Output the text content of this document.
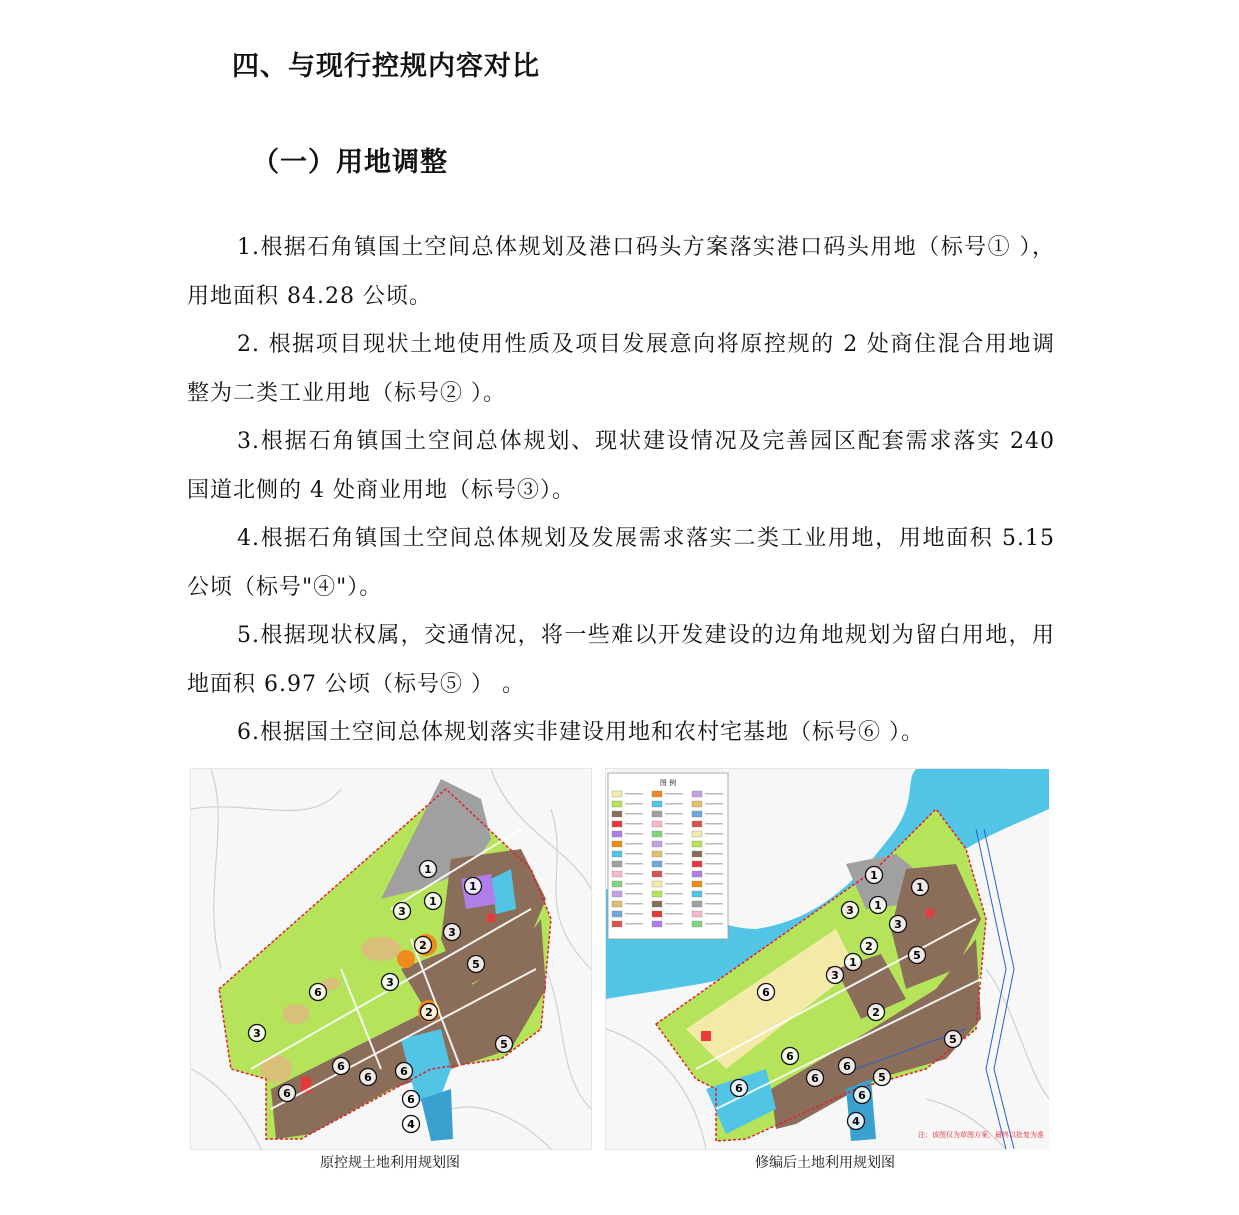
四、与现行控规内容对比
（一）用地调整

1.根据石角镇国土空间总体规划及港口码头方案落实港口码头用地（标号① ），用地面积 84.28 公顷。

2. 根据项目现状土地使用性质及项目发展意向将原控规的 2 处商住混合用地调整为二类工业用地（标号② ）。

3.根据石角镇国土空间总体规划、现状建设情况及完善园区配套需求落实 240 国道北侧的 4 处商业用地（标号③）。

4.根据石角镇国土空间总体规划及发展需求落实二类工业用地，用地面积 5.15 公顷（标号"④"）。

5.根据现状权属，交通情况，将一些难以开发建设的边角地规划为留白用地，用地面积 6.97 公顷（标号⑤ ） 。

6.根据国土空间总体规划落实非建设用地和农村宅基地（标号⑥ ）。

1
1
1
2
2
3
3
3
3
4
5
5
6
6
6	6
6	6
原控规土地利用规划图
图 例
注：该图仅为草图方案，最终以批复为准
1
1
1
1
2
2
3
3
3
4
5
5
5
6
6
6
6
6
6
修编后土地利用规划图
